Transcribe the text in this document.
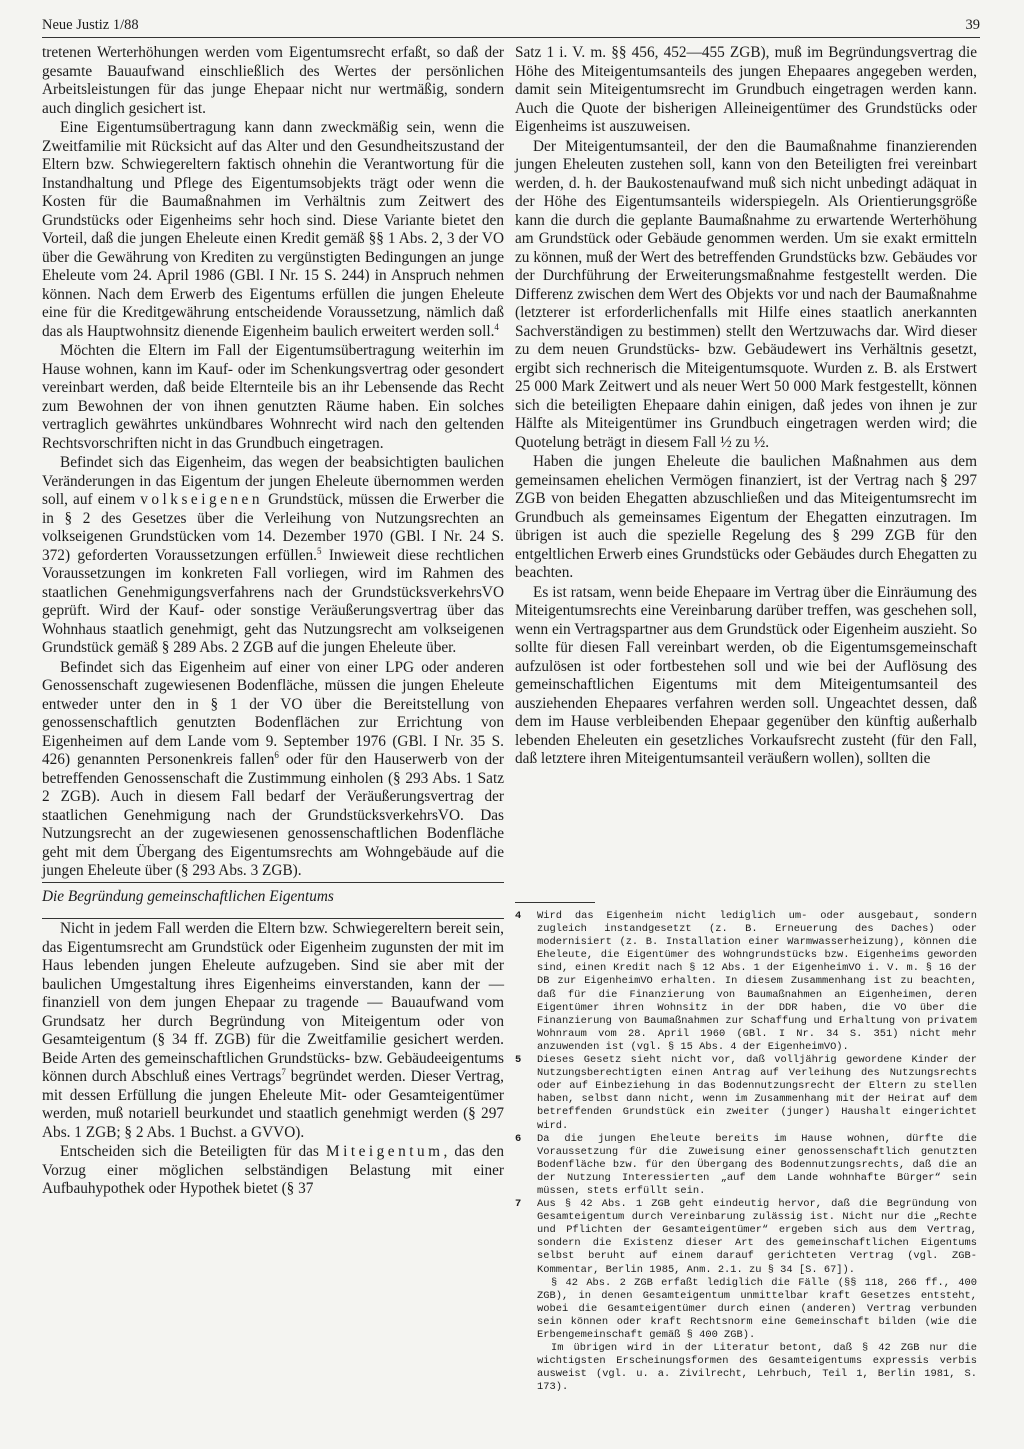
Neue Justiz 1/88	39

tretenen Werterhöhungen werden vom Eigentumsrecht erfaßt, so daß der gesamte Bauaufwand einschließlich des Wertes der persönlichen Arbeitsleistungen für das junge Ehepaar nicht nur wertmäßig, sondern auch dinglich gesichert ist.

Eine Eigentumsübertragung kann dann zweckmäßig sein, wenn die Zweitfamilie mit Rücksicht auf das Alter und den Gesundheitszustand der Eltern bzw. Schwiegereltern faktisch ohnehin die Verantwortung für die Instandhaltung und Pflege des Eigentumsobjekts trägt oder wenn die Kosten für die Baumaßnahmen im Verhältnis zum Zeitwert des Grundstücks oder Eigenheims sehr hoch sind. Diese Variante bietet den Vorteil, daß die jungen Eheleute einen Kredit gemäß §§ 1 Abs. 2, 3 der VO über die Gewährung von Krediten zu vergünstigten Bedingungen an junge Eheleute vom 24. April 1986 (GBl. I Nr. 15 S. 244) in Anspruch nehmen können. Nach dem Erwerb des Eigentums erfüllen die jungen Eheleute eine für die Kreditgewährung entscheidende Voraussetzung, nämlich daß das als Hauptwohnsitz dienende Eigenheim baulich erweitert werden soll.$^4$

Möchten die Eltern im Fall der Eigentumsübertragung weiterhin im Hause wohnen, kann im Kauf- oder im Schenkungsvertrag oder gesondert vereinbart werden, daß beide Elternteile bis an ihr Lebensende das Recht zum Bewohnen der von ihnen genutzten Räume haben. Ein solches vertraglich gewährtes unkündbares Wohnrecht wird nach den geltenden Rechtsvorschriften nicht in das Grundbuch eingetragen.

Befindet sich das Eigenheim, das wegen der beabsichtigten baulichen Veränderungen in das Eigentum der jungen Eheleute übernommen werden soll, auf einem volkseigenen Grundstück, müssen die Erwerber die in § 2 des Gesetzes über die Verleihung von Nutzungsrechten an volkseigenen Grundstücken vom 14. Dezember 1970 (GBl. I Nr. 24 S. 372) geforderten Voraussetzungen erfüllen.$^5$ Inwieweit diese rechtlichen Voraussetzungen im konkreten Fall vorliegen, wird im Rahmen des staatlichen Genehmigungsverfahrens nach der GrundstücksverkehrsVO geprüft. Wird der Kauf- oder sonstige Veräußerungsvertrag über das Wohnhaus staatlich genehmigt, geht das Nutzungsrecht am volkseigenen Grundstück gemäß § 289 Abs. 2 ZGB auf die jungen Eheleute über.

Befindet sich das Eigenheim auf einer von einer LPG oder anderen Genossenschaft zugewiesenen Bodenfläche, müssen die jungen Eheleute entweder unter den in § 1 der VO über die Bereitstellung von genossenschaftlich genutzten Bodenflächen zur Errichtung von Eigenheimen auf dem Lande vom 9. September 1976 (GBl. I Nr. 35 S. 426) genannten Personenkreis fallen$^6$ oder für den Hauserwerb von der betreffenden Genossenschaft die Zustimmung einholen (§ 293 Abs. 1 Satz 2 ZGB). Auch in diesem Fall bedarf der Veräußerungsvertrag der staatlichen Genehmigung nach der GrundstücksverkehrsVO. Das Nutzungsrecht an der zugewiesenen genossenschaftlichen Bodenfläche geht mit dem Übergang des Eigentumsrechts am Wohngebäude auf die jungen Eheleute über (§ 293 Abs. 3 ZGB).

Die Begründung gemeinschaftlichen Eigentums

Nicht in jedem Fall werden die Eltern bzw. Schwiegereltern bereit sein, das Eigentumsrecht am Grundstück oder Eigenheim zugunsten der mit im Haus lebenden jungen Eheleute aufzugeben. Sind sie aber mit der baulichen Umgestaltung ihres Eigenheims einverstanden, kann der — finanziell von dem jungen Ehepaar zu tragende — Bauaufwand vom Grundsatz her durch Begründung von Miteigentum oder von Gesamteigentum (§ 34 ff. ZGB) für die Zweitfamilie gesichert werden. Beide Arten des gemeinschaftlichen Grundstücks- bzw. Gebäudeeigentums können durch Abschluß eines Vertrags$^7$ begründet werden. Dieser Vertrag, mit dessen Erfüllung die jungen Eheleute Mit- oder Gesamteigentümer werden, muß notariell beurkundet und staatlich genehmigt werden (§ 297 Abs. 1 ZGB; § 2 Abs. 1 Buchst. a GVVO).

Entscheiden sich die Beteiligten für das Miteigentum, das den Vorzug einer möglichen selbständigen Belastung mit einer Aufbauhypothek oder Hypothek bietet (§ 37

Satz 1 i. V. m. §§ 456, 452—455 ZGB), muß im Begründungsvertrag die Höhe des Miteigentumsanteils des jungen Ehepaares angegeben werden, damit sein Miteigentumsrecht im Grundbuch eingetragen werden kann. Auch die Quote der bisherigen Alleineigentümer des Grundstücks oder Eigenheims ist auszuweisen.

Der Miteigentumsanteil, der den die Baumaßnahme finanzierenden jungen Eheleuten zustehen soll, kann von den Beteiligten frei vereinbart werden, d. h. der Baukostenaufwand muß sich nicht unbedingt adäquat in der Höhe des Eigentumsanteils widerspiegeln. Als Orientierungsgröße kann die durch die geplante Baumaßnahme zu erwartende Werterhöhung am Grundstück oder Gebäude genommen werden. Um sie exakt ermitteln zu können, muß der Wert des betreffenden Grundstücks bzw. Gebäudes vor der Durchführung der Erweiterungsmaßnahme festgestellt werden. Die Differenz zwischen dem Wert des Objekts vor und nach der Baumaßnahme (letzterer ist erforderlichenfalls mit Hilfe eines staatlich anerkannten Sachverständigen zu bestimmen) stellt den Wertzuwachs dar. Wird dieser zu dem neuen Grundstücks- bzw. Gebäudewert ins Verhältnis gesetzt, ergibt sich rechnerisch die Miteigentumsquote. Wurden z. B. als Erstwert 25 000 Mark Zeitwert und als neuer Wert 50 000 Mark festgestellt, können sich die beteiligten Ehepaare dahin einigen, daß jedes von ihnen je zur Hälfte als Miteigentümer ins Grundbuch eingetragen werden wird; die Quotelung beträgt in diesem Fall ½ zu ½.

Haben die jungen Eheleute die baulichen Maßnahmen aus dem gemeinsamen ehelichen Vermögen finanziert, ist der Vertrag nach § 297 ZGB von beiden Ehegatten abzuschließen und das Miteigentumsrecht im Grundbuch als gemeinsames Eigentum der Ehegatten einzutragen. Im übrigen ist auch die spezielle Regelung des § 299 ZGB für den entgeltlichen Erwerb eines Grundstücks oder Gebäudes durch Ehegatten zu beachten.

Es ist ratsam, wenn beide Ehepaare im Vertrag über die Einräumung des Miteigentumsrechts eine Vereinbarung darüber treffen, was geschehen soll, wenn ein Vertragspartner aus dem Grundstück oder Eigenheim auszieht. So sollte für diesen Fall vereinbart werden, ob die Eigentumsgemeinschaft aufzulösen ist oder fortbestehen soll und wie bei der Auflösung des gemeinschaftlichen Eigentums mit dem Miteigentumsanteil des ausziehenden Ehepaares verfahren werden soll. Ungeachtet dessen, daß dem im Hause verbleibenden Ehepaar gegenüber den künftig außerhalb lebenden Eheleuten ein gesetzliches Vorkaufsrecht zusteht (für den Fall, daß letztere ihren Miteigentumsanteil veräußern wollen), sollten die

4	Wird das Eigenheim nicht lediglich um- oder ausgebaut, sondern zugleich instandgesetzt (z. B. Erneuerung des Daches) oder modernisiert (z. B. Installation einer Warmwasserheizung), können die Eheleute, die Eigentümer des Wohngrundstücks bzw. Eigenheims geworden sind, einen Kredit nach § 12 Abs. 1 der EigenheimVO i. V. m. § 16 der DB zur EigenheimVO erhalten. In diesem Zusammenhang ist zu beachten, daß für die Finanzierung von Baumaßnahmen an Eigenheimen, deren Eigentümer ihren Wohnsitz in der DDR haben, die VO über die Finanzierung von Baumaßnahmen zur Schaffung und Erhaltung von privatem Wohnraum vom 28. April 1960 (GBl. I Nr. 34 S. 351) nicht mehr anzuwenden ist (vgl. § 15 Abs. 4 der EigenheimVO).
5	Dieses Gesetz sieht nicht vor, daß volljährig gewordene Kinder der Nutzungsberechtigten einen Antrag auf Verleihung des Nutzungsrechts oder auf Einbeziehung in das Bodennutzungsrecht der Eltern zu stellen haben, selbst dann nicht, wenn im Zusammenhang mit der Heirat auf dem betreffenden Grundstück ein zweiter (junger) Haushalt eingerichtet wird.
6	Da die jungen Eheleute bereits im Hause wohnen, dürfte die Voraussetzung für die Zuweisung einer genossenschaftlich genutzten Bodenfläche bzw. für den Übergang des Bodennutzungsrechts, daß die an der Nutzung Interessierten „auf dem Lande wohnhafte Bürger“ sein müssen, stets erfüllt sein.
7	Aus § 42 Abs. 1 ZGB geht eindeutig hervor, daß die Begründung von Gesamteigentum durch Vereinbarung zulässig ist. Nicht nur die „Rechte und Pflichten der Gesamteigentümer“ ergeben sich aus dem Vertrag, sondern die Existenz dieser Art des gemeinschaftlichen Eigentums selbst beruht auf einem darauf gerichteten Vertrag (vgl. ZGB-Kommentar, Berlin 1985, Anm. 2.1. zu § 34 [S. 67]).

§ 42 Abs. 2 ZGB erfaßt lediglich die Fälle (§§ 118, 266 ff., 400 ZGB), in denen Gesamteigentum unmittelbar kraft Gesetzes entsteht, wobei die Gesamteigentümer durch einen (anderen) Vertrag verbunden sein können oder kraft Rechtsnorm eine Gemeinschaft bilden (wie die Erbengemeinschaft gemäß § 400 ZGB).

Im übrigen wird in der Literatur betont, daß § 42 ZGB nur die wichtigsten Erscheinungsformen des Gesamteigentums expressis verbis ausweist (vgl. u. a. Zivilrecht, Lehrbuch, Teil 1, Berlin 1981, S. 173).
